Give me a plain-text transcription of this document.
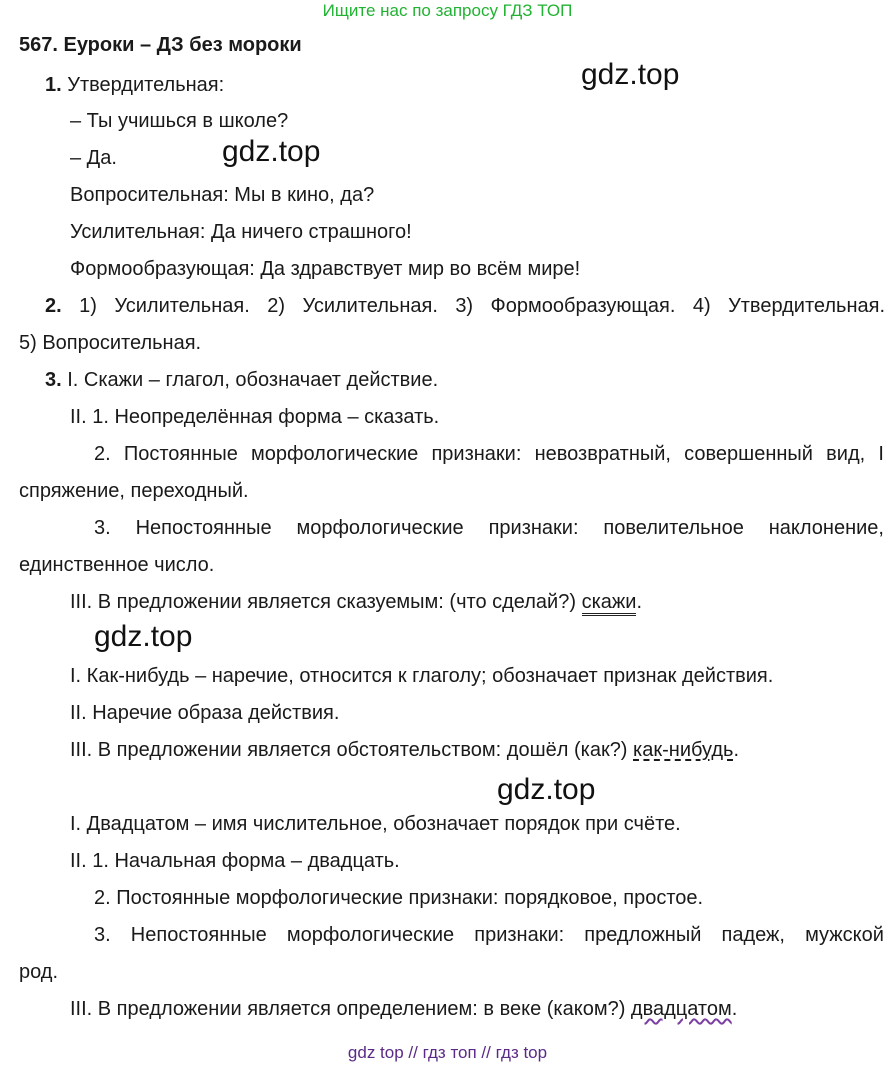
Ищите нас по запросу ГДЗ ТОП
567. Еуроки – ДЗ без мороки
gdz.top
gdz.top
gdz.top
gdz.top
1. Утвердительная:
– Ты учишься в школе?
– Да.
Вопросительная: Мы в кино, да?
Усилительная: Да ничего страшного!
Формообразующая: Да здравствует мир во всём мире!
2. 1) Усилительная. 2) Усилительная. 3) Формообразующая. 4) Утвердительная.
5) Вопросительная.
3. I. Скажи – глагол, обозначает действие.
II. 1. Неопределённая форма – сказать.
2. Постоянные морфологические признаки: невозвратный, совершенный вид, I
спряжение, переходный.
3. Непостоянные морфологические признаки: повелительное наклонение,
единственное число.
III. В предложении является сказуемым: (что сделай?) скажи.
I. Как-нибудь – наречие, относится к глаголу; обозначает признак действия.
II. Наречие образа действия.
III. В предложении является обстоятельством: дошёл (как?) как-нибудь.
I. Двадцатом – имя числительное, обозначает порядок при счёте.
II. 1. Начальная форма – двадцать.
2. Постоянные морфологические признаки: порядковое, простое.
3. Непостоянные морфологические признаки: предложный падеж, мужской
род.
III. В предложении является определением: в веке (каком?) двадцатом.
gdz top // гдз топ // гдз top
